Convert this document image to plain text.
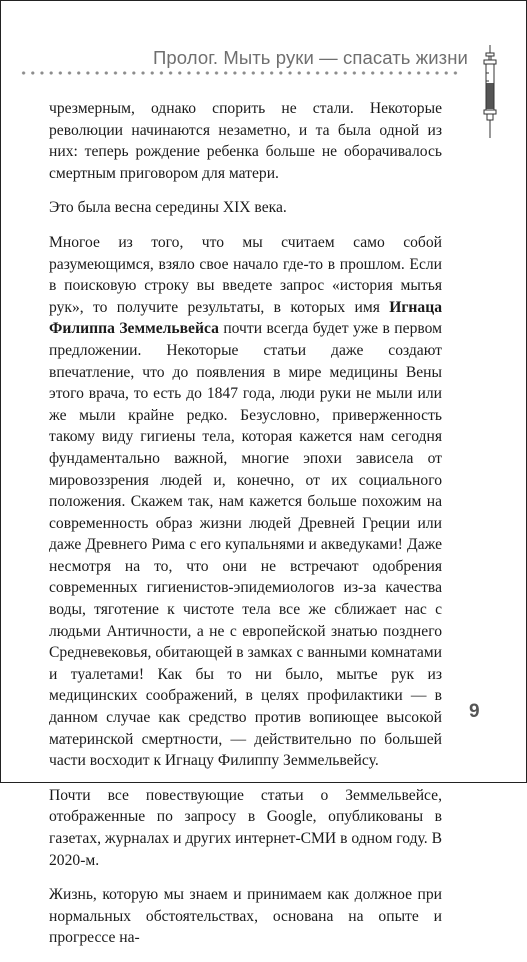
Пролог. Мыть руки — спасать жизни

чрезмерным, однако спорить не стали. Некоторые революции начинаются незаметно, и та была одной из них: теперь рождение ребенка больше не оборачивалось смертным приговором для матери.

Это была весна середины XIX века.

Многое из того, что мы считаем само собой разумеющимся, взяло свое начало где-то в прошлом. Если в поисковую строку вы введете запрос «история мытья рук», то получите результаты, в которых имя Игнаца Филиппа Земмельвейса почти всегда будет уже в первом предложении. Некоторые статьи даже создают впечатление, что до появления в мире медицины Вены этого врача, то есть до 1847 года, люди руки не мыли или же мыли крайне редко. Безусловно, приверженность такому виду гигиены тела, которая кажется нам сегодня фундаментально важной, многие эпохи зависела от мировоззрения людей и, конечно, от их социального положения. Скажем так, нам кажется больше похожим на современность образ жизни людей Древней Греции или даже Древнего Рима с его купальнями и акведуками! Даже несмотря на то, что они не встречают одобрения современных гигиенистов-эпидемиологов из-за качества воды, тяготение к чистоте тела все же сближает нас с людьми Античности, а не с европейской знатью позднего Средневековья, обитающей в замках с ванными комнатами и туалетами! Как бы то ни было, мытье рук из медицинских соображений, в целях профилактики — в данном случае как средство против вопиющее высокой материнской смертности, — действительно по большей части восходит к Игнацу Филиппу Земмельвейсу.

Почти все повествующие статьи о Земмельвейсе, отображенные по запросу в Google, опубликованы в газетах, журналах и других интернет-СМИ в одном году. В 2020-м.

Жизнь, которую мы знаем и принимаем как должное при нормальных обстоятельствах, основана на опыте и прогрессе на-

9
